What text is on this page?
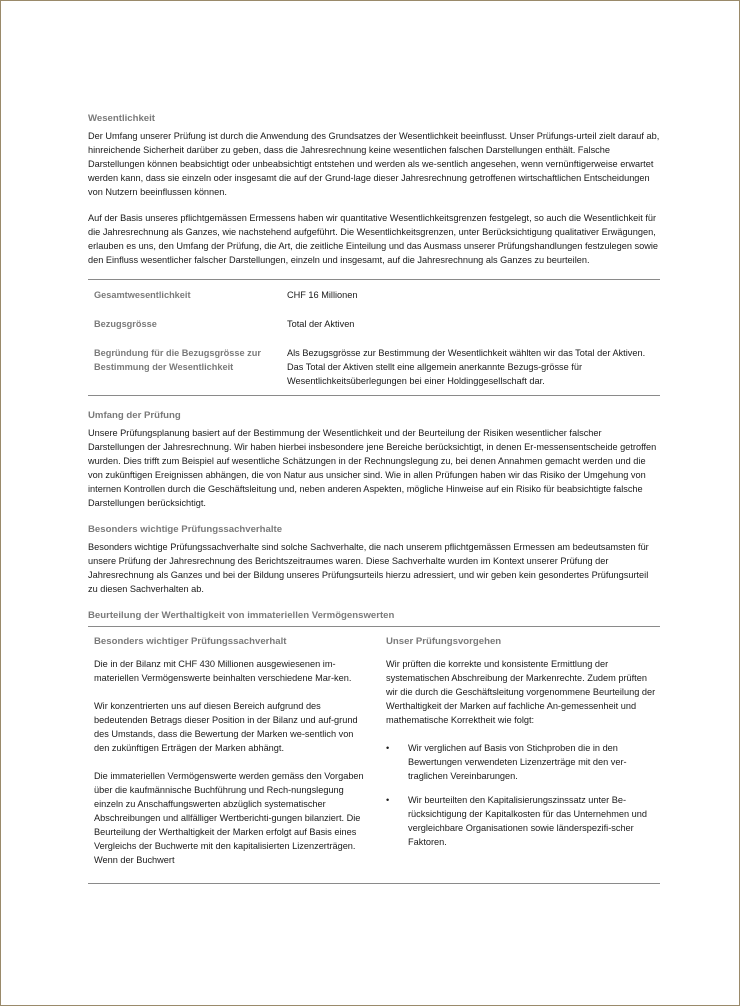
Wesentlichkeit

Der Umfang unserer Prüfung ist durch die Anwendung des Grundsatzes der Wesentlichkeit beeinflusst. Unser Prüfungs-urteil zielt darauf ab, hinreichende Sicherheit darüber zu geben, dass die Jahresrechnung keine wesentlichen falschen Darstellungen enthält. Falsche Darstellungen können beabsichtigt oder unbeabsichtigt entstehen und werden als we-sentlich angesehen, wenn vernünftigerweise erwartet werden kann, dass sie einzeln oder insgesamt die auf der Grund-lage dieser Jahresrechnung getroffenen wirtschaftlichen Entscheidungen von Nutzern beeinflussen können.

Auf der Basis unseres pflichtgemässen Ermessens haben wir quantitative Wesentlichkeitsgrenzen festgelegt, so auch die Wesentlichkeit für die Jahresrechnung als Ganzes, wie nachstehend aufgeführt. Die Wesentlichkeitsgrenzen, unter Berücksichtigung qualitativer Erwägungen, erlauben es uns, den Umfang der Prüfung, die Art, die zeitliche Einteilung und das Ausmass unserer Prüfungshandlungen festzulegen sowie den Einfluss wesentlicher falscher Darstellungen, einzeln und insgesamt, auf die Jahresrechnung als Ganzes zu beurteilen.

Gesamtwesentlichkeit	CHF 16 Millionen
Bezugsgrösse	Total der Aktiven
Begründung für die Bezugsgrösse zur Bestimmung der Wesentlichkeit	Als Bezugsgrösse zur Bestimmung der Wesentlichkeit wählten wir das Total der Aktiven. Das Total der Aktiven stellt eine allgemein anerkannte Bezugs-grösse für Wesentlichkeitsüberlegungen bei einer Holdinggesellschaft dar.
Umfang der Prüfung

Unsere Prüfungsplanung basiert auf der Bestimmung der Wesentlichkeit und der Beurteilung der Risiken wesentlicher falscher Darstellungen der Jahresrechnung. Wir haben hierbei insbesondere jene Bereiche berücksichtigt, in denen Er-messensentscheide getroffen wurden. Dies trifft zum Beispiel auf wesentliche Schätzungen in der Rechnungslegung zu, bei denen Annahmen gemacht werden und die von zukünftigen Ereignissen abhängen, die von Natur aus unsicher sind. Wie in allen Prüfungen haben wir das Risiko der Umgehung von internen Kontrollen durch die Geschäftsleitung und, neben anderen Aspekten, mögliche Hinweise auf ein Risiko für beabsichtigte falsche Darstellungen berücksichtigt.

Besonders wichtige Prüfungssachverhalte

Besonders wichtige Prüfungssachverhalte sind solche Sachverhalte, die nach unserem pflichtgemässen Ermessen am bedeutsamsten für unsere Prüfung der Jahresrechnung des Berichtszeitraumes waren. Diese Sachverhalte wurden im Kontext unserer Prüfung der Jahresrechnung als Ganzes und bei der Bildung unseres Prüfungsurteils hierzu adressiert, und wir geben kein gesondertes Prüfungsurteil zu diesen Sachverhalten ab.

Beurteilung der Werthaltigkeit von immateriellen Vermögenswerten
Besonders wichtiger Prüfungssachverhalt

Die in der Bilanz mit CHF 430 Millionen ausgewiesenen im-materiellen Vermögenswerte beinhalten verschiedene Mar-ken.

Wir konzentrierten uns auf diesen Bereich aufgrund des bedeutenden Betrags dieser Position in der Bilanz und auf-grund des Umstands, dass die Bewertung der Marken we-sentlich von den zukünftigen Erträgen der Marken abhängt.

Die immateriellen Vermögenswerte werden gemäss den Vorgaben über die kaufmännische Buchführung und Rech-nungslegung einzeln zu Anschaffungswerten abzüglich systematischer Abschreibungen und allfälliger Wertberichti-gungen bilanziert. Die Beurteilung der Werthaltigkeit der Marken erfolgt auf Basis eines Vergleichs der Buchwerte mit den kapitalisierten Lizenzerträgen. Wenn der Buchwert

Unser Prüfungsvorgehen

Wir prüften die korrekte und konsistente Ermittlung der systematischen Abschreibung der Markenrechte. Zudem prüften wir die durch die Geschäftsleitung vorgenommene Beurteilung der Werthaltigkeit der Marken auf fachliche An-gemessenheit und mathematische Korrektheit wie folgt:

• Wir verglichen auf Basis von Stichproben die in den Bewertungen verwendeten Lizenzerträge mit den ver-traglichen Vereinbarungen.
• Wir beurteilten den Kapitalisierungszinssatz unter Be-rücksichtigung der Kapitalkosten für das Unternehmen und vergleichbare Organisationen sowie länderspezifi-scher Faktoren.
